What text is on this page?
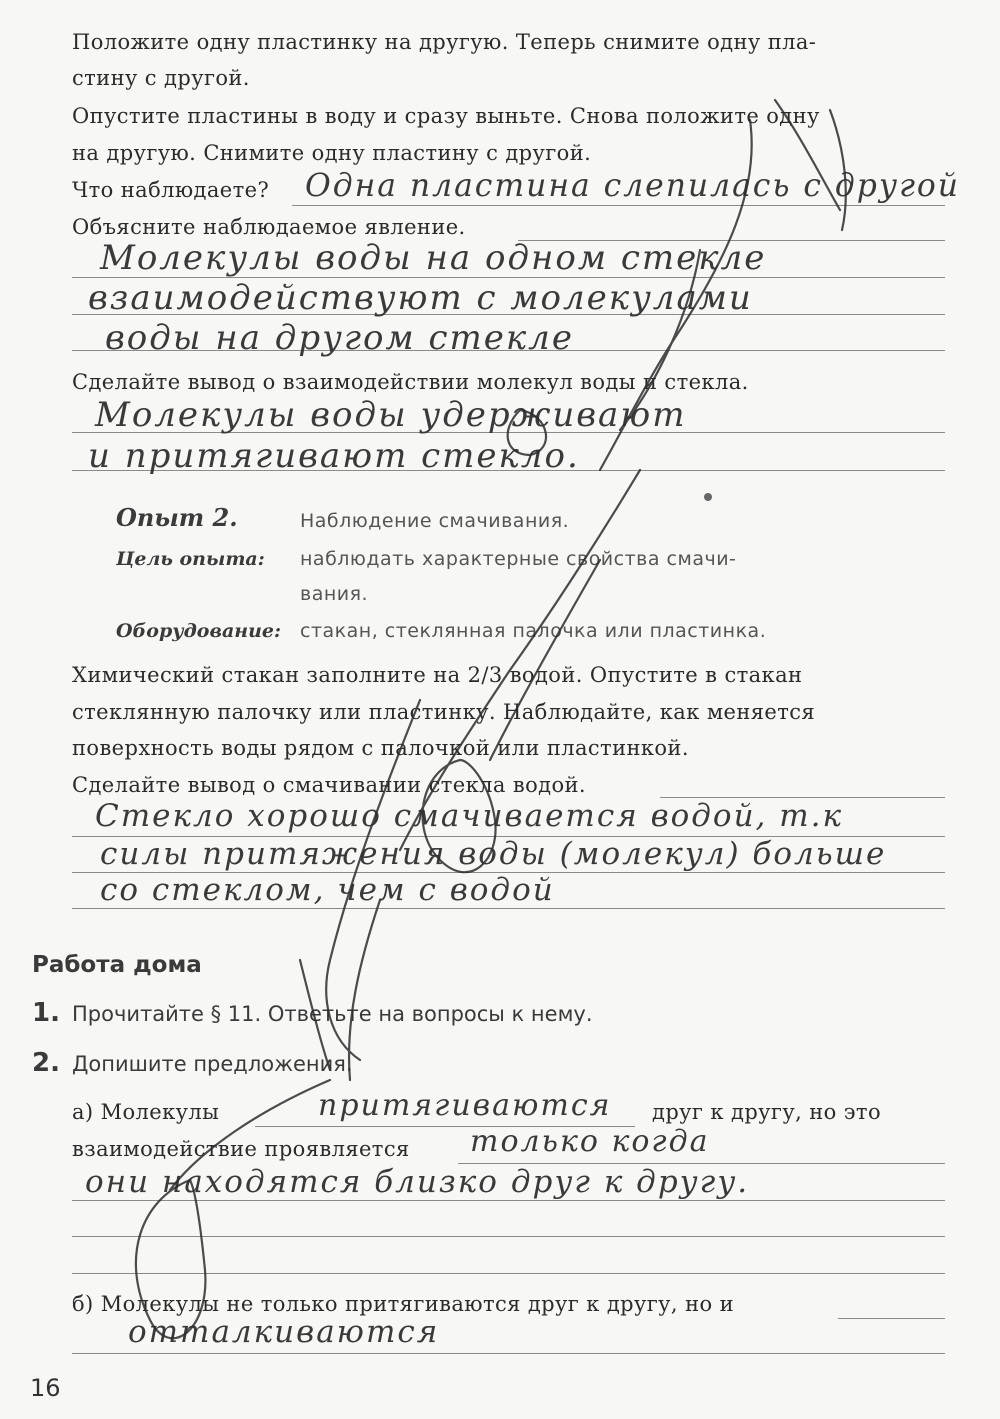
Положите одну пластинку на другую. Теперь снимите одну пла-
стину с другой.
Опустите пластины в воду и сразу выньте. Снова положите одну
на другую. Снимите одну пластину с другой.
Что наблюдаете? Одна пластина слепилась с другой
Объясните наблюдаемое явление.
Молекулы воды на одном стекле
взаимодействуют с молекулами
воды на другом стекле
Сделайте вывод о взаимодействии молекул воды и стекла.
Молекулы воды удерживают
и притягивают стекло.
Опыт 2.	Наблюдение смачивания.
Цель опыта: наблюдать характерные свойства смачи-
вания.
Оборудование: стакан, стеклянная палочка или пластинка.
Химический стакан заполните на 2/3 водой. Опустите в стакан
стеклянную палочку или пластинку. Наблюдайте, как меняется
поверхность воды рядом с палочкой или пластинкой.
Сделайте вывод о смачивании стекла водой.
Стекло хорошо смачивается водой, т.к
силы притяжения воды (молекул) больше
со стеклом, чем с водой
Работа дома
1. Прочитайте § 11. Ответьте на вопросы к нему.
2. Допишите предложения.
а) Молекулы	притягиваются друг к другу, но это
взаимодействие проявляется только когда
они находятся близко друг к другу.
б) Молекулы не только притягиваются друг к другу, но и
отталкиваются
16
